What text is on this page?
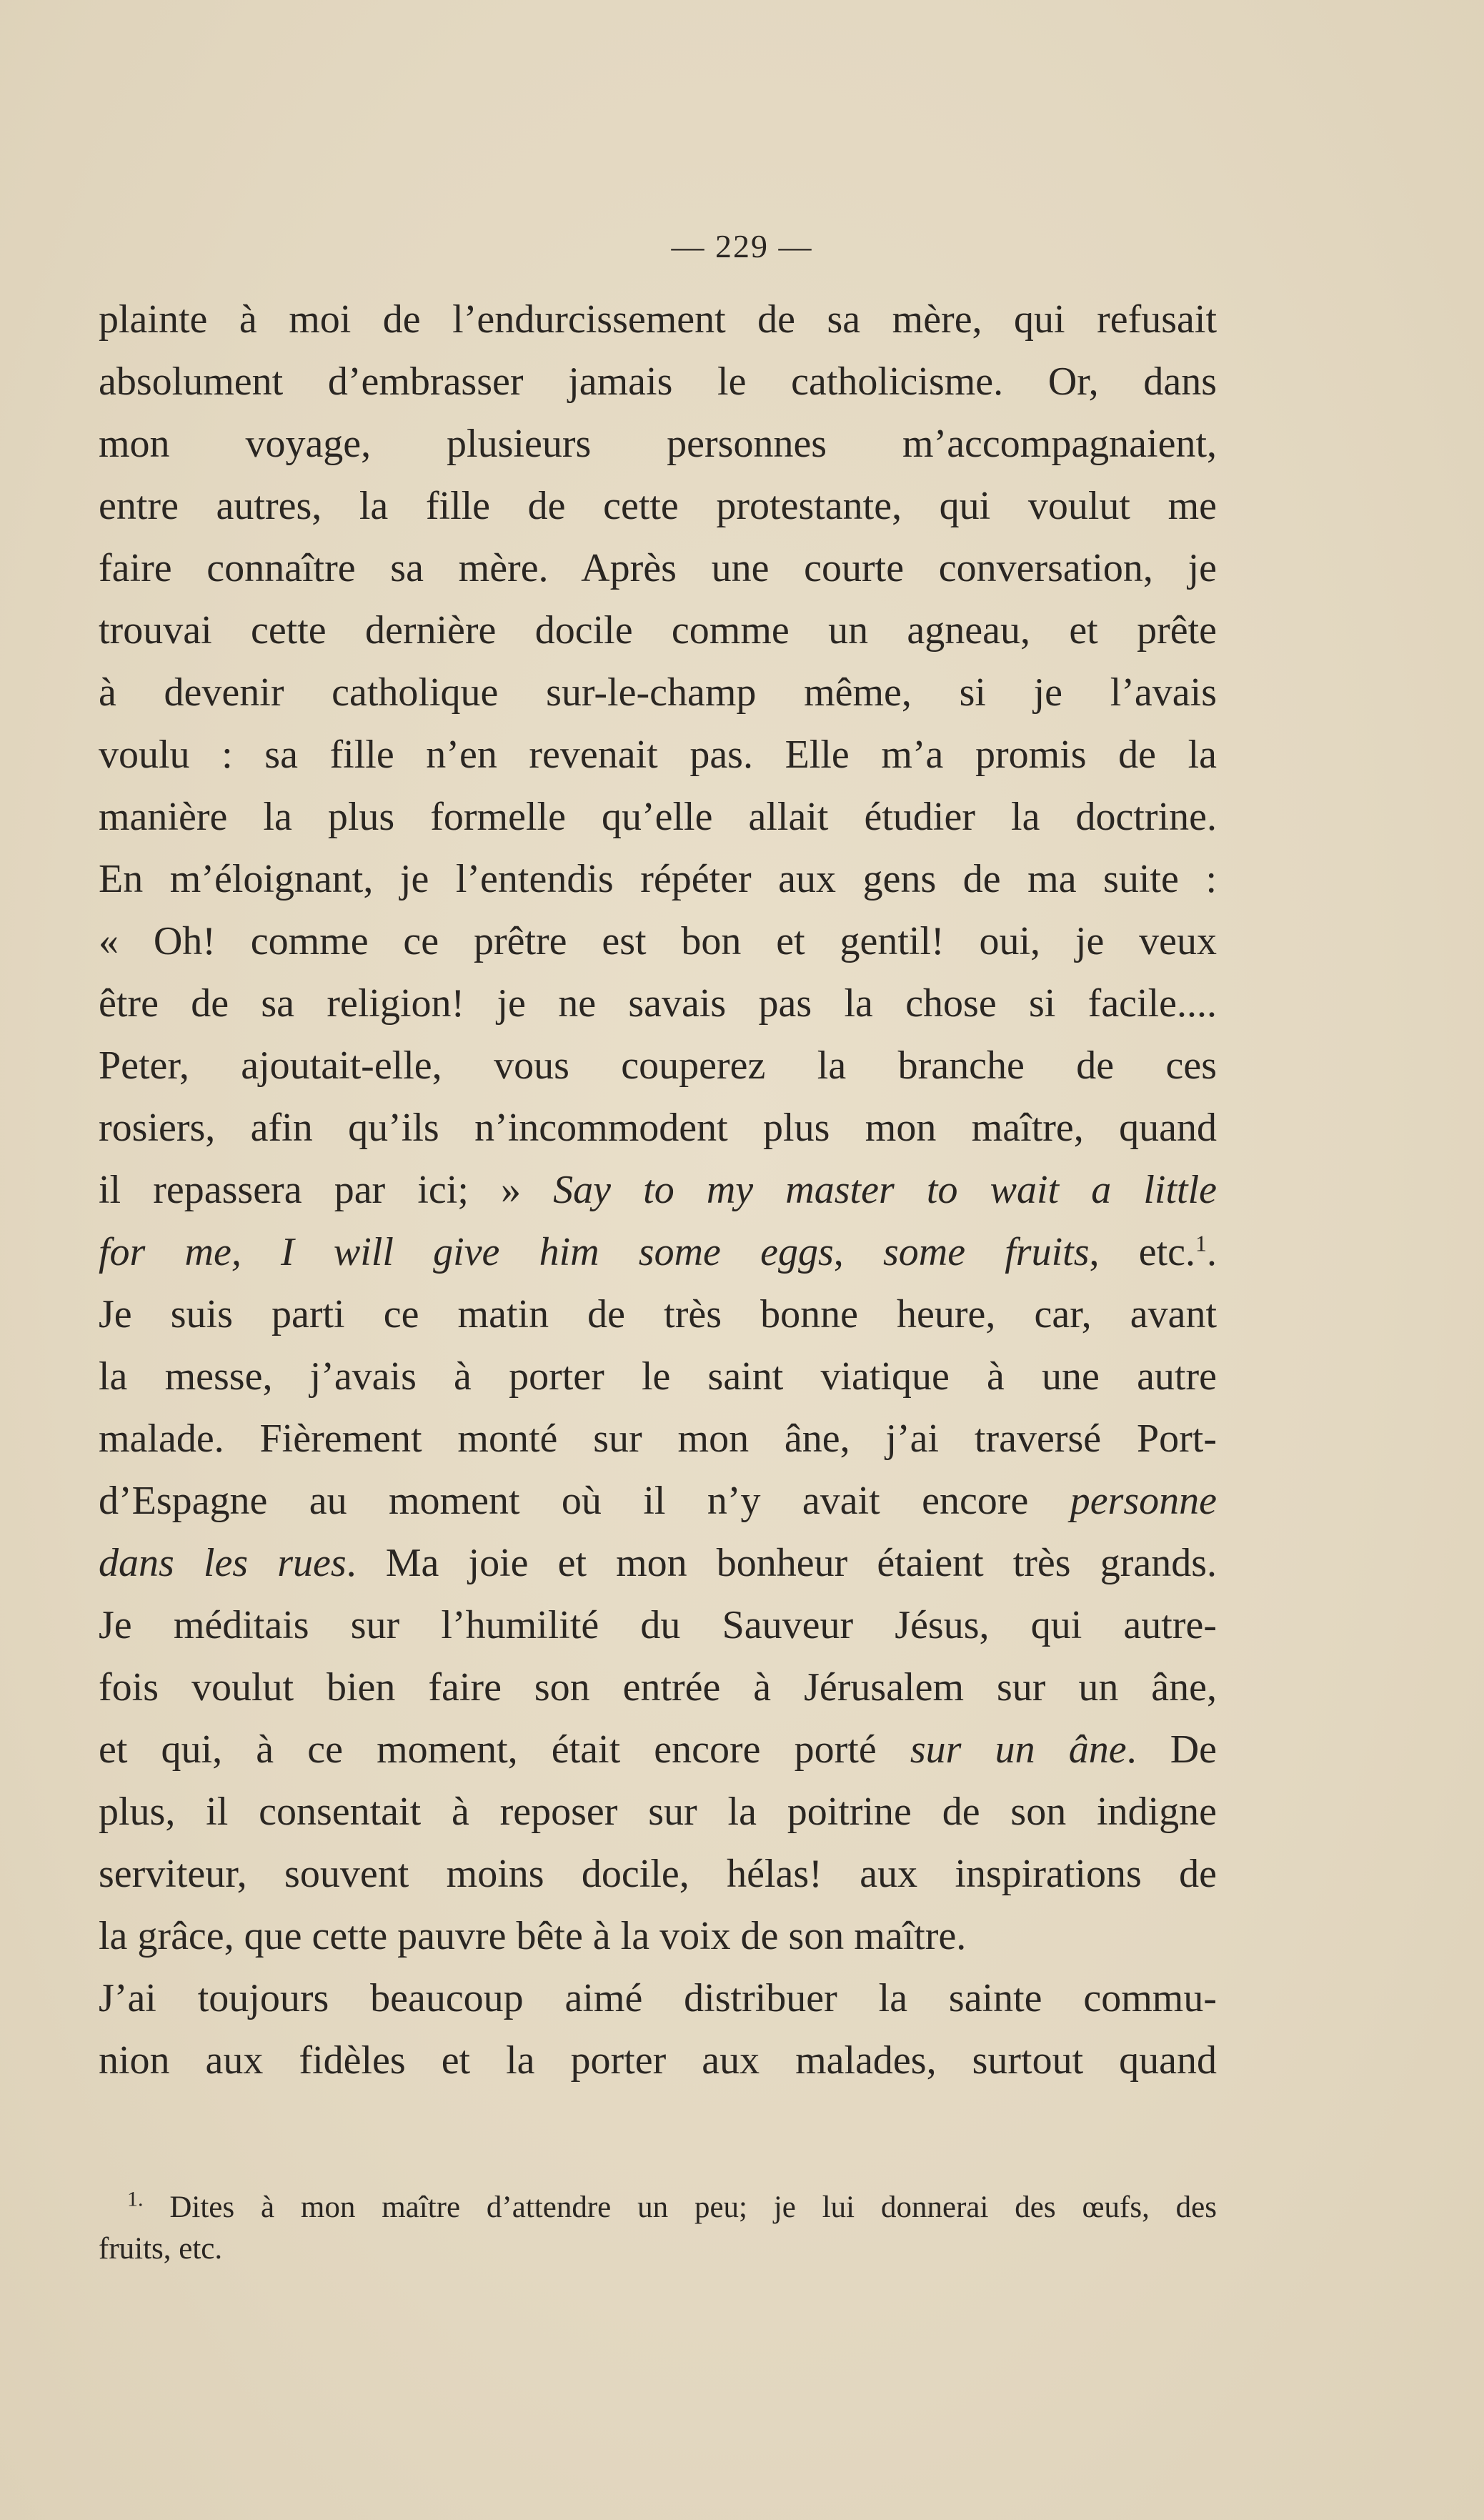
— 229 —
plainte à moi de l’endurcissement de sa mère, qui refusait
absolument d’embrasser jamais le catholicisme. Or, dans
mon voyage, plusieurs personnes m’accompagnaient,
entre autres, la fille de cette protestante, qui voulut me
faire connaître sa mère. Après une courte conversation, je
trouvai cette dernière docile comme un agneau, et prête
à devenir catholique sur-le-champ même, si je l’avais
voulu : sa fille n’en revenait pas. Elle m’a promis de la
manière la plus formelle qu’elle allait étudier la doctrine.
En m’éloignant, je l’entendis répéter aux gens de ma suite :
« Oh! comme ce prêtre est bon et gentil! oui, je veux
être de sa religion! je ne savais pas la chose si facile....
Peter, ajoutait-elle, vous couperez la branche de ces
rosiers, afin qu’ils n’incommodent plus mon maître, quand
il repassera par ici; » Say to my master to wait a little
for me, I will give him some eggs, some fruits, etc.$^1$.
Je suis parti ce matin de très bonne heure, car, avant
la messe, j’avais à porter le saint viatique à une autre
malade. Fièrement monté sur mon âne, j’ai traversé Port-
d’Espagne au moment où il n’y avait encore personne
dans les rues. Ma joie et mon bonheur étaient très grands.
Je méditais sur l’humilité du Sauveur Jésus, qui autre-
fois voulut bien faire son entrée à Jérusalem sur un âne,
et qui, à ce moment, était encore porté sur un âne. De
plus, il consentait à reposer sur la poitrine de son indigne
serviteur, souvent moins docile, hélas! aux inspirations de
la grâce, que cette pauvre bête à la voix de son maître.
J’ai toujours beaucoup aimé distribuer la sainte commu-
nion aux fidèles et la porter aux malades, surtout quand
$^{1.}$ Dites à mon maître d’attendre un peu; je lui donnerai des œufs, des
fruits, etc.
